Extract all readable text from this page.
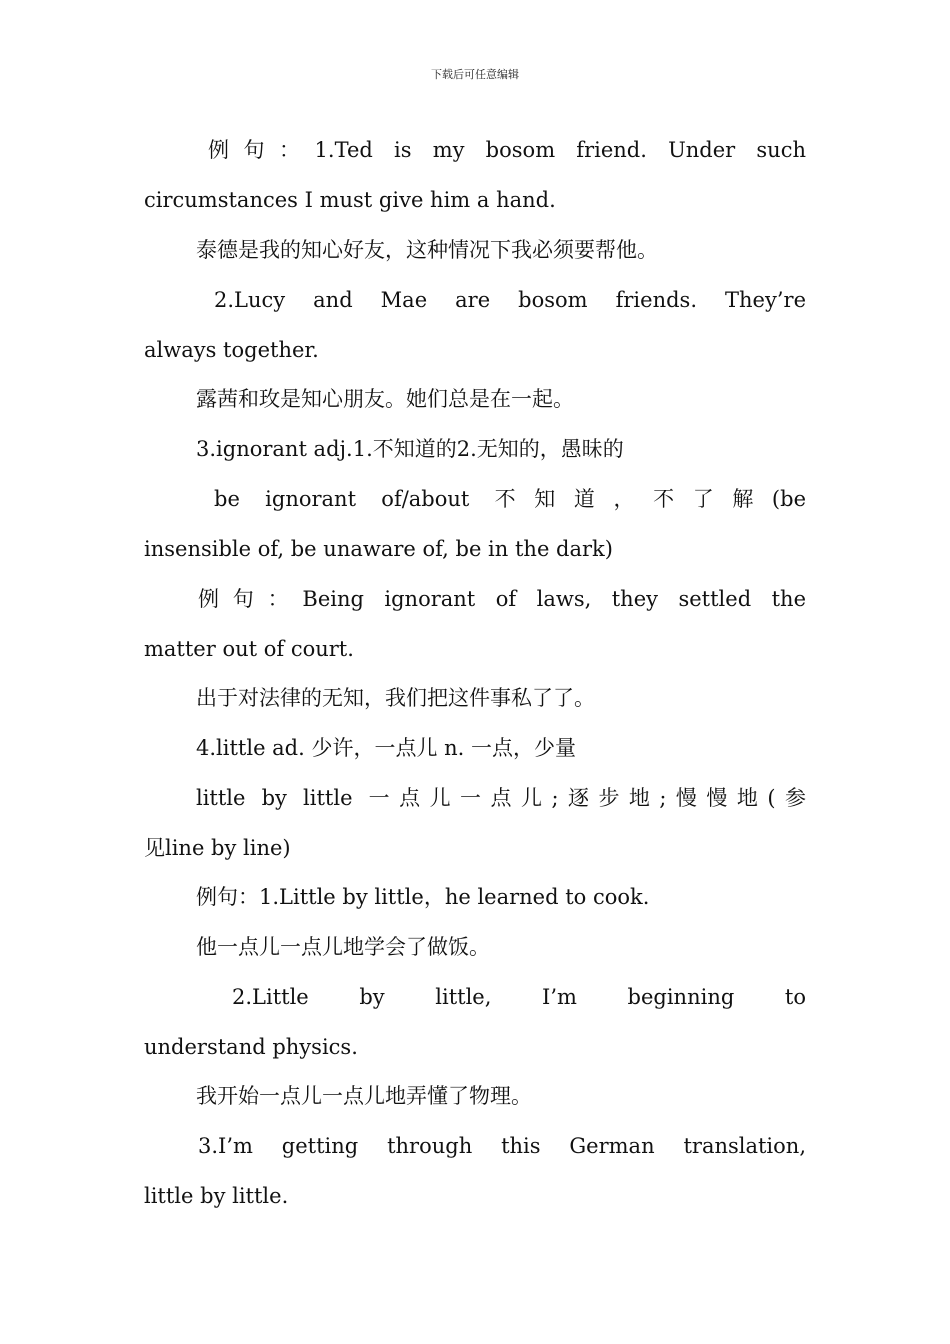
下载后可任意编辑
例句：1.Ted is my bosom friend. Under such
circumstances I must give him a hand.
泰德是我的知心好友，这种情况下我必须要帮他。
2.Lucy and Mae are bosom friends. They’re
always together.
露茜和玫是知心朋友。她们总是在一起。
3.ignorant adj.1.不知道的2.无知的，愚昧的
be ignorant of/about 不知道，不了解(be
insensible of, be unaware of, be in the dark)
例句：Being ignorant of laws, they settled the
matter out of court.
出于对法律的无知，我们把这件事私了了。
4.little ad. 少许，一点儿 n. 一点，少量
little by little 一点儿一点儿;逐步地;慢慢地(参
见line by line)
例句：1.Little by little，he learned to cook.
他一点儿一点儿地学会了做饭。
2.Little by little, I’m beginning to
understand physics.
我开始一点儿一点儿地弄懂了物理。
3.I’m getting through this German translation,
little by little.
